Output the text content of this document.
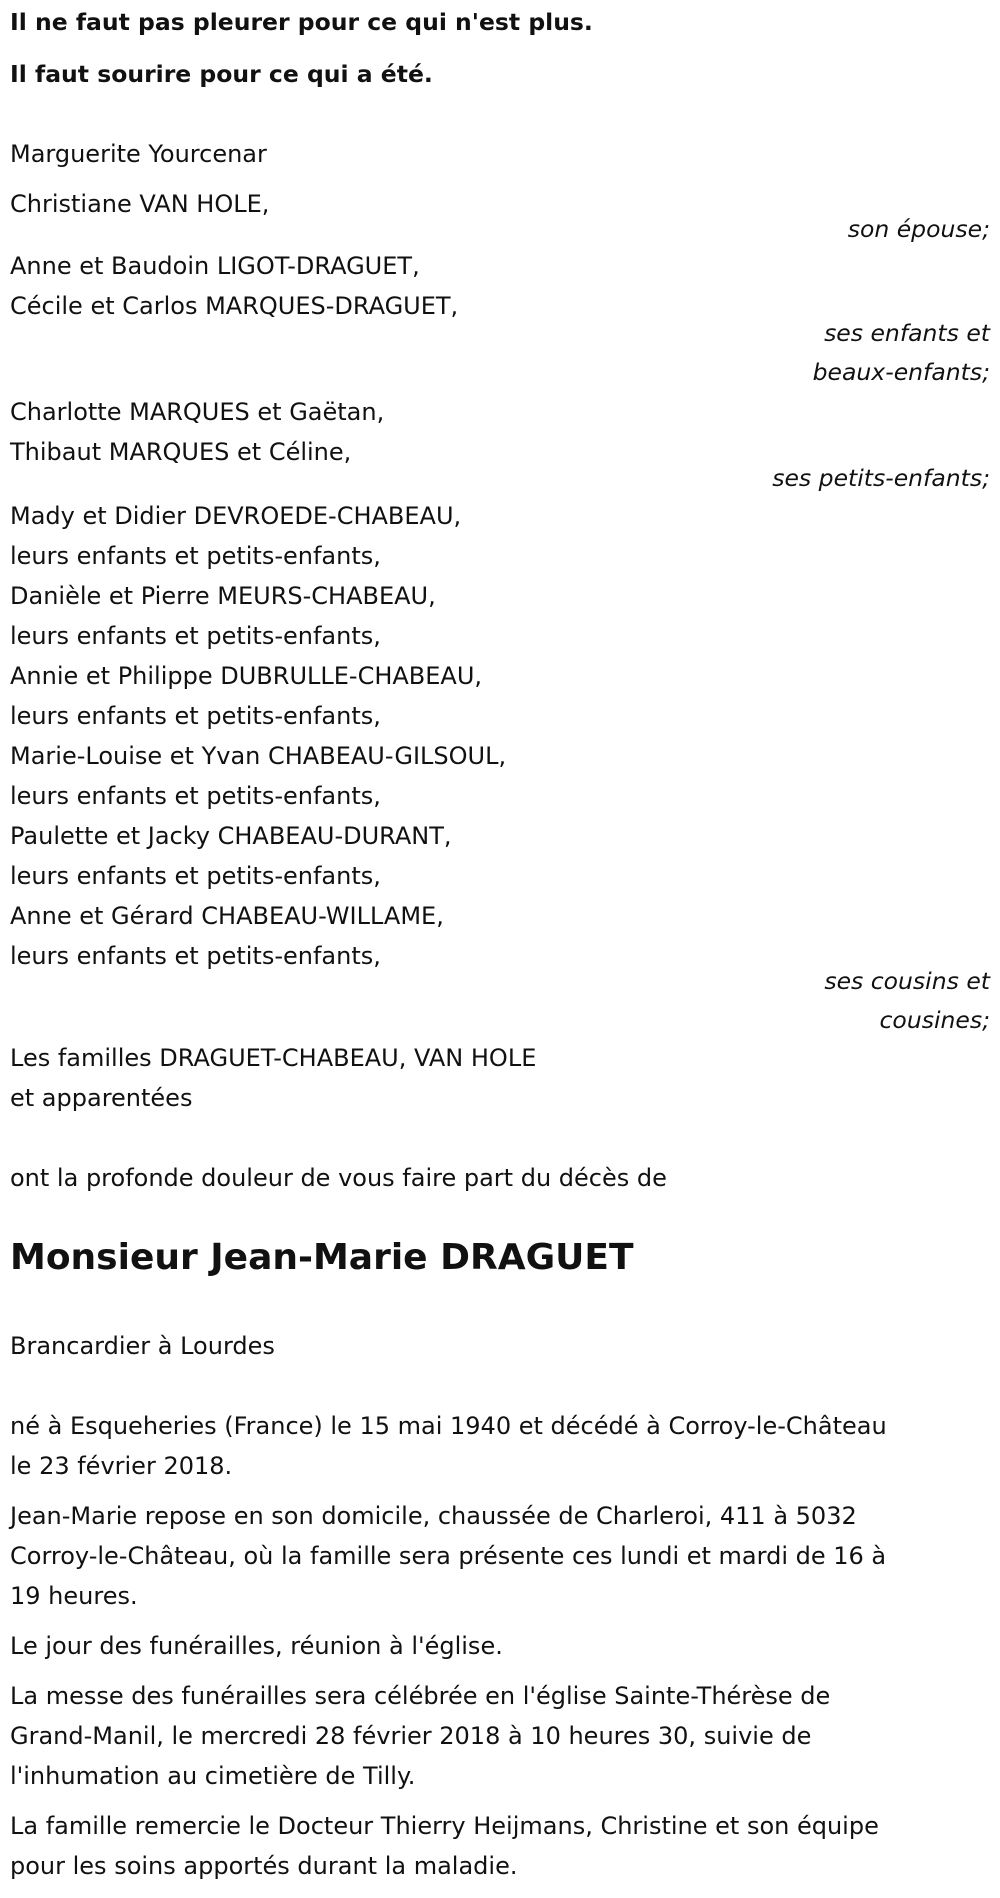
Il ne faut pas pleurer pour ce qui n'est plus.

Il faut sourire pour ce qui a été.

Marguerite Yourcenar

Christiane VAN HOLE,

son épouse;

Anne et Baudoin LIGOT-DRAGUET,

Cécile et Carlos MARQUES-DRAGUET,

ses enfants et

beaux-enfants;

Charlotte MARQUES et Gaëtan,

Thibaut MARQUES et Céline,

ses petits-enfants;

Mady et Didier DEVROEDE-CHABEAU,

leurs enfants et petits-enfants,

Danièle et Pierre MEURS-CHABEAU,

leurs enfants et petits-enfants,

Annie et Philippe DUBRULLE-CHABEAU,

leurs enfants et petits-enfants,

Marie-Louise et Yvan CHABEAU-GILSOUL,

leurs enfants et petits-enfants,

Paulette et Jacky CHABEAU-DURANT,

leurs enfants et petits-enfants,

Anne et Gérard CHABEAU-WILLAME,

leurs enfants et petits-enfants,

ses cousins et

cousines;

Les familles DRAGUET-CHABEAU, VAN HOLE

et apparentées

ont la profonde douleur de vous faire part du décès de

Monsieur Jean-Marie DRAGUET

Brancardier à Lourdes

né à Esqueheries (France) le 15 mai 1940 et décédé à Corroy-le-Château

le 23 février 2018.

Jean-Marie repose en son domicile, chaussée de Charleroi, 411 à 5032

Corroy-le-Château, où la famille sera présente ces lundi et mardi de 16 à

19 heures.

Le jour des funérailles, réunion à l'église.

La messe des funérailles sera célébrée en l'église Sainte-Thérèse de

Grand-Manil, le mercredi 28 février 2018 à 10 heures 30, suivie de

l'inhumation au cimetière de Tilly.

La famille remercie le Docteur Thierry Heijmans, Christine et son équipe

pour les soins apportés durant la maladie.
